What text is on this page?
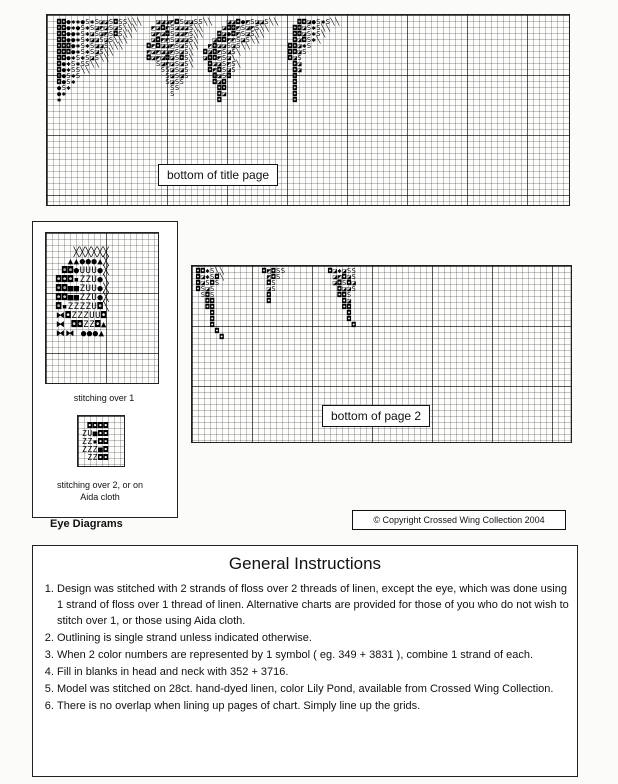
◘◘●✱✱●S✱S◪◪S◘SS╲╲╲   ◪◪◪◩◘S◪◪SS╲╲   ◪◪◘●◩S◪◪S╲╲    ◘◘◪●S✱S╲╲
◘◘●✱●S✱S◪◩◪S◪S╲╲╲   ◩◪◘◩S◪◪◪S╲╲    ◪◘◘◩S◪◩S╲╲     ◘◘◪S✱S╲╲
◘◘●●✱S✱◪S◪◩S◘S╲╲    ◪◩◪◘S◪◪◩S╲╲   ◘◪●◘◩S◪S╲╲      ◘◘◪S✱S╲
◘◘●●✱S✱◪◪S◪S╲╲╲     ◪◘◩◩S◪◪◪S╲   ◪◘◘◩◩S◪S╲╲       ◘◪◘S✱╲
◘◘◘●✱S✱S◪◪S╲╲╲     ◘◩◘◪◪◩S◪S╲╲  ◩◘◪◪S◪S╲╲        ◘◘◪✱S
◘◘◘●✱S✱S◪S╲╲       ◩◪◩◪◪◩S◪S╲  ◘◪◘◩S◪S╲          ◘◘◪S
◘◘●✱S✱S◪S╲╲        ◘◪◩◪◘◪S◘S╲  ◪◘◘◩S◪╲           ◘◪S
◘●✱S✱SS╲╲            S◪◩◪S◪S╲   ◘◪◪S◩S╲           ◘◪
◘●✱SS╲╲               SS◪S◪S    ◘◩◘S◪S            ◘◪
◘●S✱S                  S◪S◪S     ◘◪S◘             ◘
◘●S✱                   S◪SS      ◘◪◘              ◘
●S✱                     SS        ◘◘              ◘
●✱                      S         ◘◪              ◘
✱                                 ◘               ◘
bottom of title page
╳╳╳╳╳╳
▲▲●●●▲╳
◘◘●UUU●╳
◘◘◘▪ZZU●╲
◘◘■■ZUU●╳
◘◘■■ZZU●╳
◘▪ZZZZU◘╲
⧓◘ZZZUU◘
⧓ ◘◘ZZ◘▲
⧓⧓ ●●●▲
stitching over 1
◘◘◘◘
ZU■◘◘
ZZ▪◘◘
ZZZ■◘
ZZ◘◘
stitching over 2, or on Aida cloth
Eye Diagrams
◘◘✱S╲╲        ◘◩◘SS         ◘◪✱◪SS
◘◪✱S◘╲         ◩◘S           ◪◩◘◪S
◘◪S◘S          ◘S            ◪◘S◘◪
◘S◪S           ◪S             ◘◪◪S
S◘S           ◘              ◘◘S
◘◘           ◘               ◘◪
◘◘                           ◘◘
◘                            ◘
◘                            ◘
◘                             ◘
◘
◘
bottom of page 2
© Copyright Crossed Wing Collection 2004
General Instructions
1. Design was stitched with 2 strands of floss over 2 threads of linen, except the eye, which was done using 1 strand of floss over 1 thread of linen. Alternative charts are provided for those of you who do not wish to stitch over 1, or those using Aida cloth.
2. Outlining is single strand unless indicated otherwise.
3. When 2 color numbers are represented by 1 symbol ( eg. 349 + 3831 ), combine 1 strand of each.
4. Fill in blanks in head and neck with 352 + 3716.
5. Model was stitched on 28ct. hand-dyed linen, color Lily Pond, available from Crossed Wing Collection.
6. There is no overlap when lining up pages of chart. Simply line up the grids.
